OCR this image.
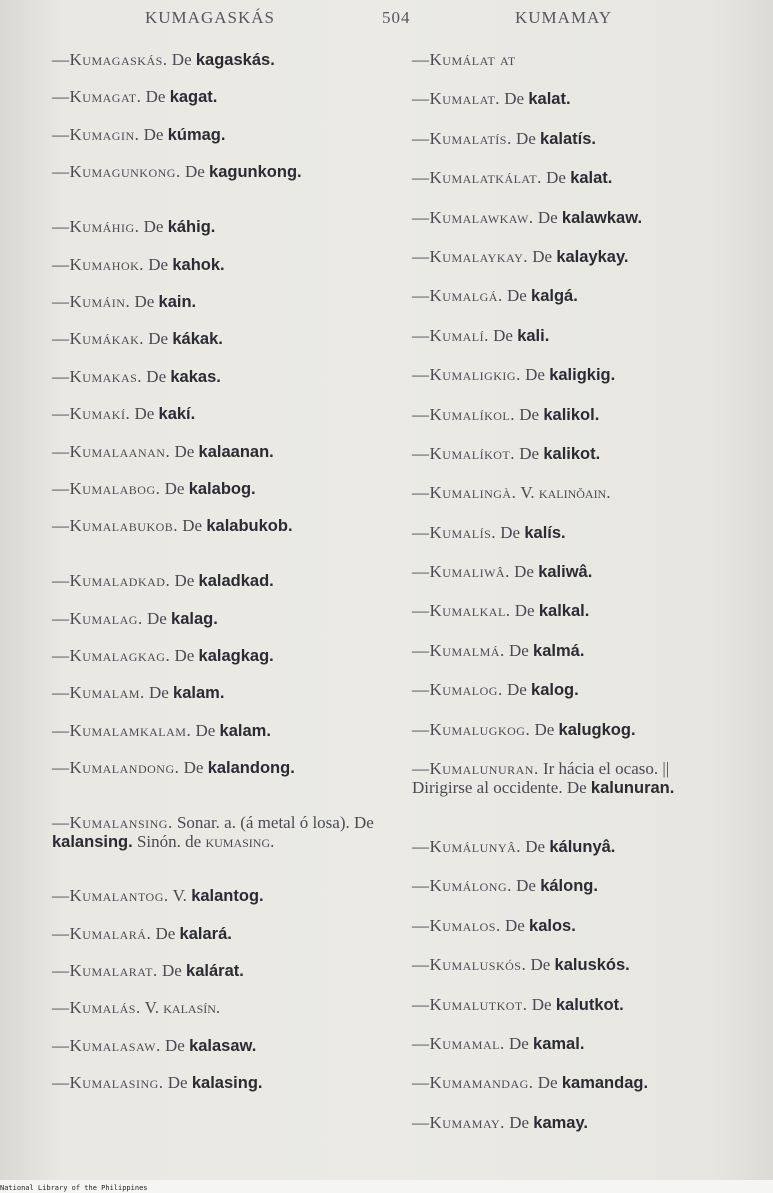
KUMAGASKÁS	504	KUMAMAY
—Kumagaskás. De kagaskás.
—Kumagat. De kagat.
—Kumagin. De kúmag.
—Kumagunkong. De kagunkong.
—Kumáhig. De káhig.
—Kumahok. De kahok.
—Kumáin. De kain.
—Kumákak. De kákak.
—Kumakas. De kakas.
—Kumakí. De kakí.
—Kumalaanan. De kalaanan.
—Kumalabog. De kalabog.
—Kumalabukob. De kalabukob.
—Kumaladkad. De kaladkad.
—Kumalag. De kalag.
—Kumalagkag. De kalagkag.
—Kumalam. De kalam.
—Kumalamkalam. De kalam.
—Kumalandong. De kalandong.
—Kumalansing. Sonar. a. (á metal ó losa). De kalansing. Sinón. de kumasing.
—Kumalantog. V. kalantog.
—Kumalará. De kalará.
—Kumalarat. De kalárat.
—Kumalás. V. kalasín.
—Kumalasaw. De kalasaw.
—Kumalasing. De kalasing.
—Kumálat at
—Kumalat. De kalat.
—Kumalatís. De kalatís.
—Kumalatkálat. De kalat.
—Kumalawkaw. De kalawkaw.
—Kumalaykay. De kalaykay.
—Kumalgá. De kalgá.
—Kumalí. De kali.
—Kumaligkig. De kaligkig.
—Kumalíkol. De kalikol.
—Kumalíkot. De kalikot.
—Kumalingà. V. kalinŏain.
—Kumalís. De kalís.
—Kumaliwâ. De kaliwâ.
—Kumalkal. De kalkal.
—Kumalmá. De kalmá.
—Kumalog. De kalog.
—Kumalugkog. De kalugkog.
—Kumalunuran. Ir hácia el ocaso. || Dirigirse al occidente. De kalunuran.
—Kumálunyâ. De kálunyâ.
—Kumálong. De kálong.
—Kumalos. De kalos.
—Kumaluskós. De kaluskós.
—Kumalutkot. De kalutkot.
—Kumamal. De kamal.
—Kumamandag. De kamandag.
—Kumamay. De kamay.
National Library of the Philippines
